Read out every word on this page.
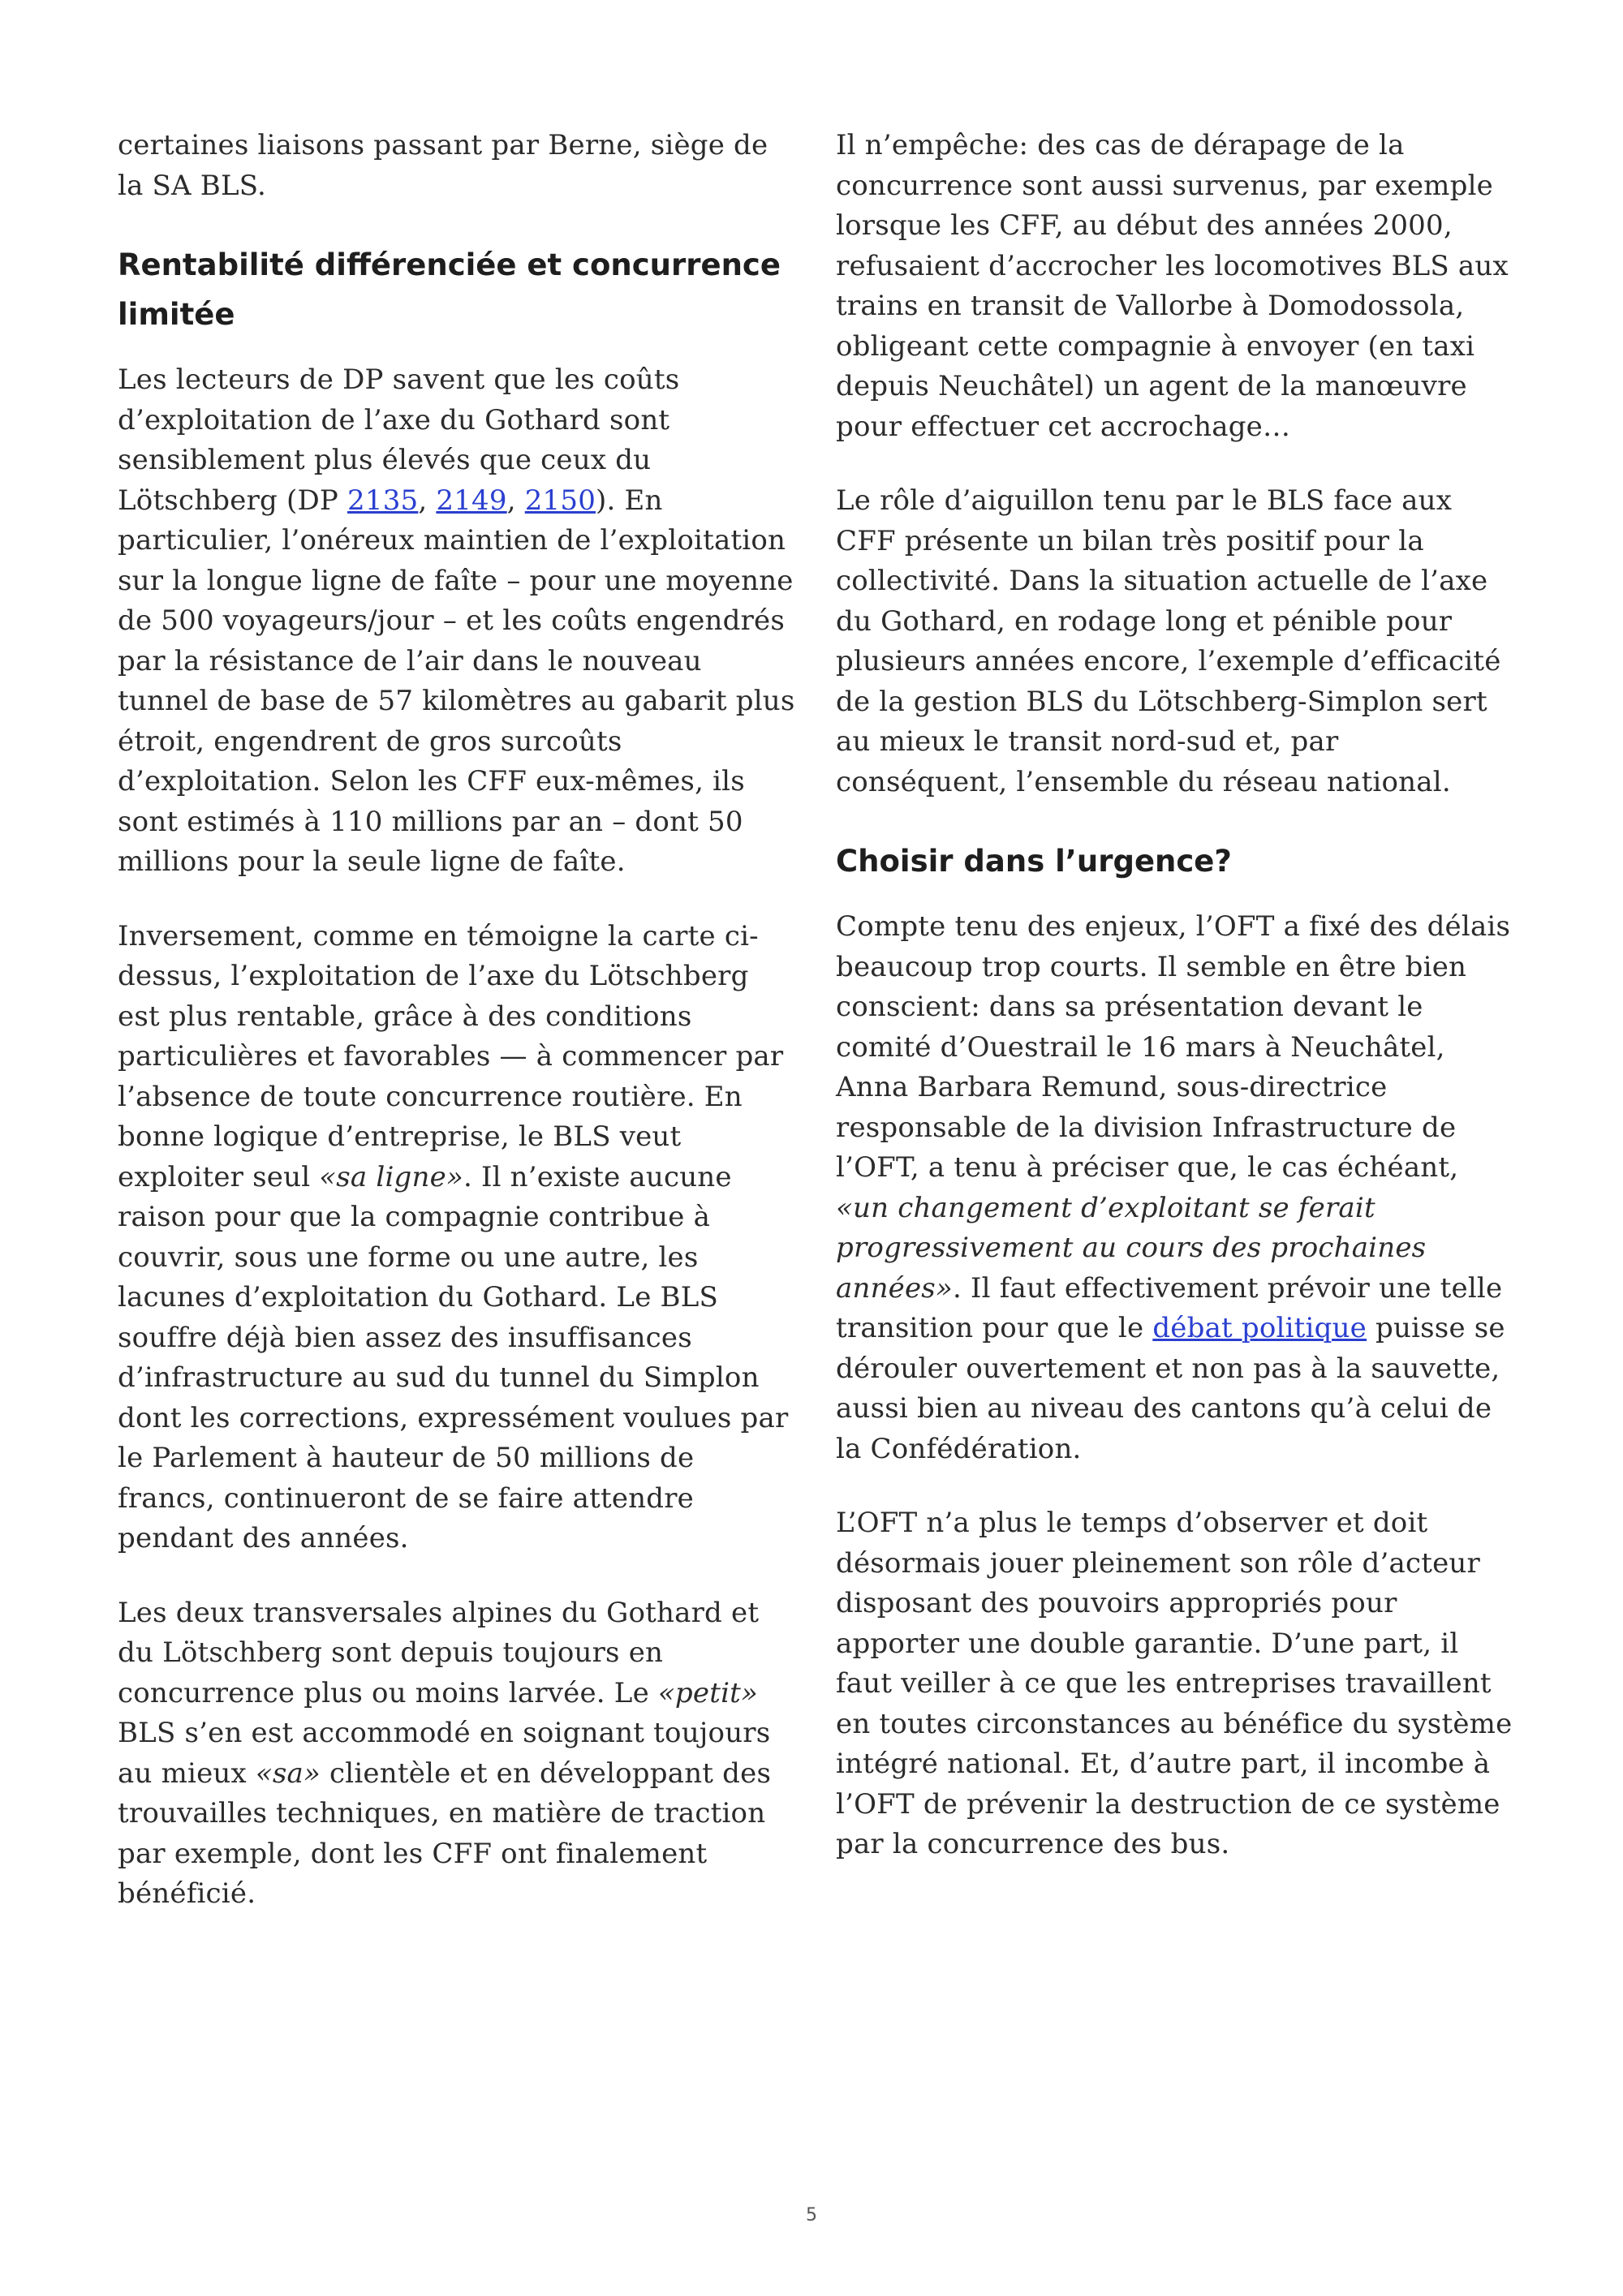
certaines liaisons passant par Berne, siège de la SA BLS.

Rentabilité différenciée et concurrence limitée

Les lecteurs de DP savent que les coûts d’exploitation de l’axe du Gothard sont sensiblement plus élevés que ceux du Lötschberg (DP 2135, 2149, 2150). En particulier, l’onéreux maintien de l’exploitation sur la longue ligne de faîte – pour une moyenne de 500 voyageurs/jour – et les coûts engendrés par la résistance de l’air dans le nouveau tunnel de base de 57 kilomètres au gabarit plus étroit, engendrent de gros surcoûts d’exploitation. Selon les CFF eux-mêmes, ils sont estimés à 110 millions par an – dont 50 millions pour la seule ligne de faîte.

Inversement, comme en témoigne la carte ci-dessus, l’exploitation de l’axe du Lötschberg est plus rentable, grâce à des conditions particulières et favorables — à commencer par l’absence de toute concurrence routière. En bonne logique d’entreprise, le BLS veut exploiter seul «sa ligne». Il n’existe aucune raison pour que la compagnie contribue à couvrir, sous une forme ou une autre, les lacunes d’exploitation du Gothard. Le BLS souffre déjà bien assez des insuffisances d’infrastructure au sud du tunnel du Simplon dont les corrections, expressément voulues par le Parlement à hauteur de 50 millions de francs, continueront de se faire attendre pendant des années.

Les deux transversales alpines du Gothard et du Lötschberg sont depuis toujours en concurrence plus ou moins larvée. Le «petit» BLS s’en est accommodé en soignant toujours au mieux «sa» clientèle et en développant des trouvailles techniques, en matière de traction par exemple, dont les CFF ont finalement bénéficié.

Il n’empêche: des cas de dérapage de la concurrence sont aussi survenus, par exemple lorsque les CFF, au début des années 2000, refusaient d’accrocher les locomotives BLS aux trains en transit de Vallorbe à Domodossola, obligeant cette compagnie à envoyer (en taxi depuis Neuchâtel) un agent de la manœuvre pour effectuer cet accrochage…

Le rôle d’aiguillon tenu par le BLS face aux CFF présente un bilan très positif pour la collectivité. Dans la situation actuelle de l’axe du Gothard, en rodage long et pénible pour plusieurs années encore, l’exemple d’efficacité de la gestion BLS du Lötschberg-Simplon sert au mieux le transit nord-sud et, par conséquent, l’ensemble du réseau national.

Choisir dans l’urgence?

Compte tenu des enjeux, l’OFT a fixé des délais beaucoup trop courts. Il semble en être bien conscient: dans sa présentation devant le comité d’Ouestrail le 16 mars à Neuchâtel, Anna Barbara Remund, sous-directrice responsable de la division Infrastructure de l’OFT, a tenu à préciser que, le cas échéant, «un changement d’exploitant se ferait progressivement au cours des prochaines années». Il faut effectivement prévoir une telle transition pour que le débat politique puisse se dérouler ouvertement et non pas à la sauvette, aussi bien au niveau des cantons qu’à celui de la Confédération.

L’OFT n’a plus le temps d’observer et doit désormais jouer pleinement son rôle d’acteur disposant des pouvoirs appropriés pour apporter une double garantie. D’une part, il faut veiller à ce que les entreprises travaillent en toutes circonstances au bénéfice du système intégré national. Et, d’autre part, il incombe à l’OFT de prévenir la destruction de ce système par la concurrence des bus.

5
